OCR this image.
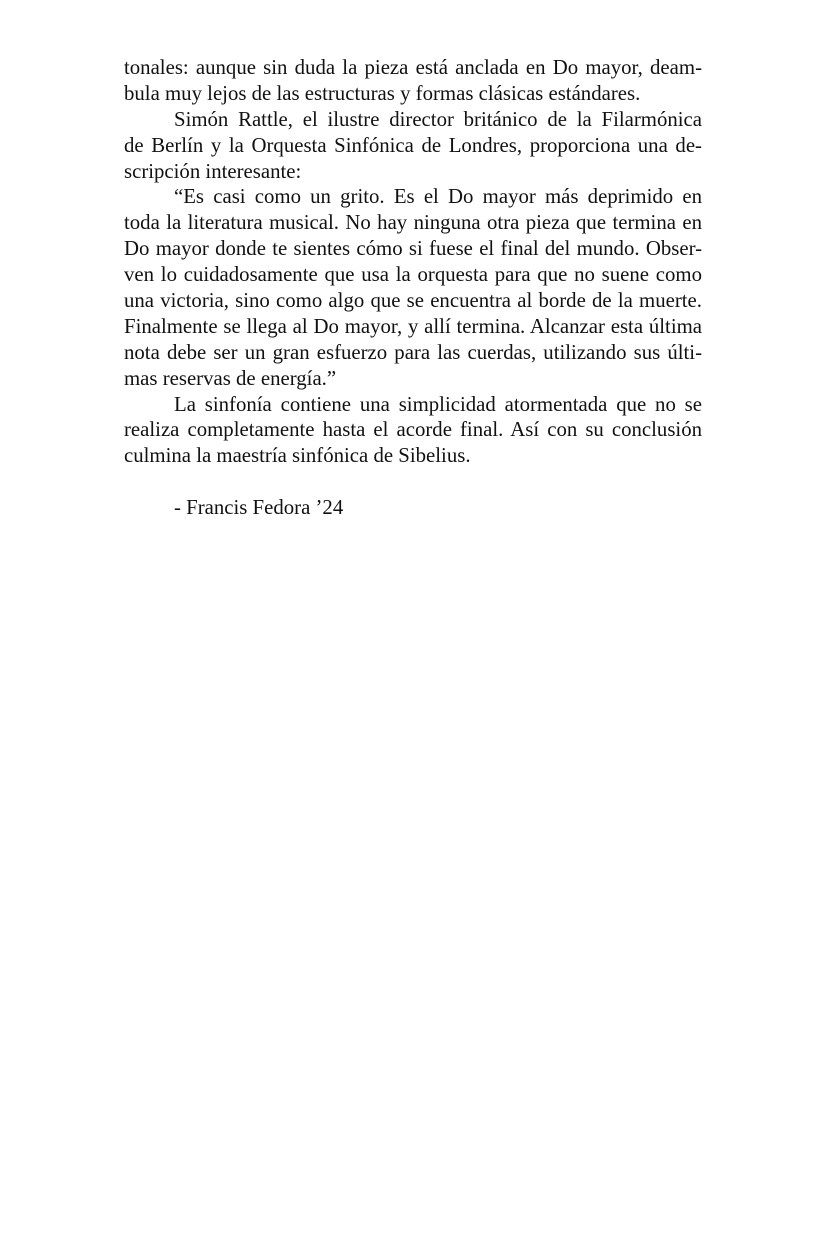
tonales: aunque sin duda la pieza está anclada en Do mayor, deam-
bula muy lejos de las estructuras y formas clásicas estándares.
Simón Rattle, el ilustre director británico de la Filarmónica
de Berlín y la Orquesta Sinfónica de Londres, proporciona una de-
scripción interesante:
“Es casi como un grito. Es el Do mayor más deprimido en
toda la literatura musical. No hay ninguna otra pieza que termina en
Do mayor donde te sientes cómo si fuese el final del mundo. Obser-
ven lo cuidadosamente que usa la orquesta para que no suene como
una victoria, sino como algo que se encuentra al borde de la muerte.
Finalmente se llega al Do mayor, y allí termina. Alcanzar esta última
nota debe ser un gran esfuerzo para las cuerdas, utilizando sus últi-
mas reservas de energía.”
La sinfonía contiene una simplicidad atormentada que no se
realiza completamente hasta el acorde final. Así con su conclusión
culmina la maestría sinfónica de Sibelius.
- Francis Fedora ’24
